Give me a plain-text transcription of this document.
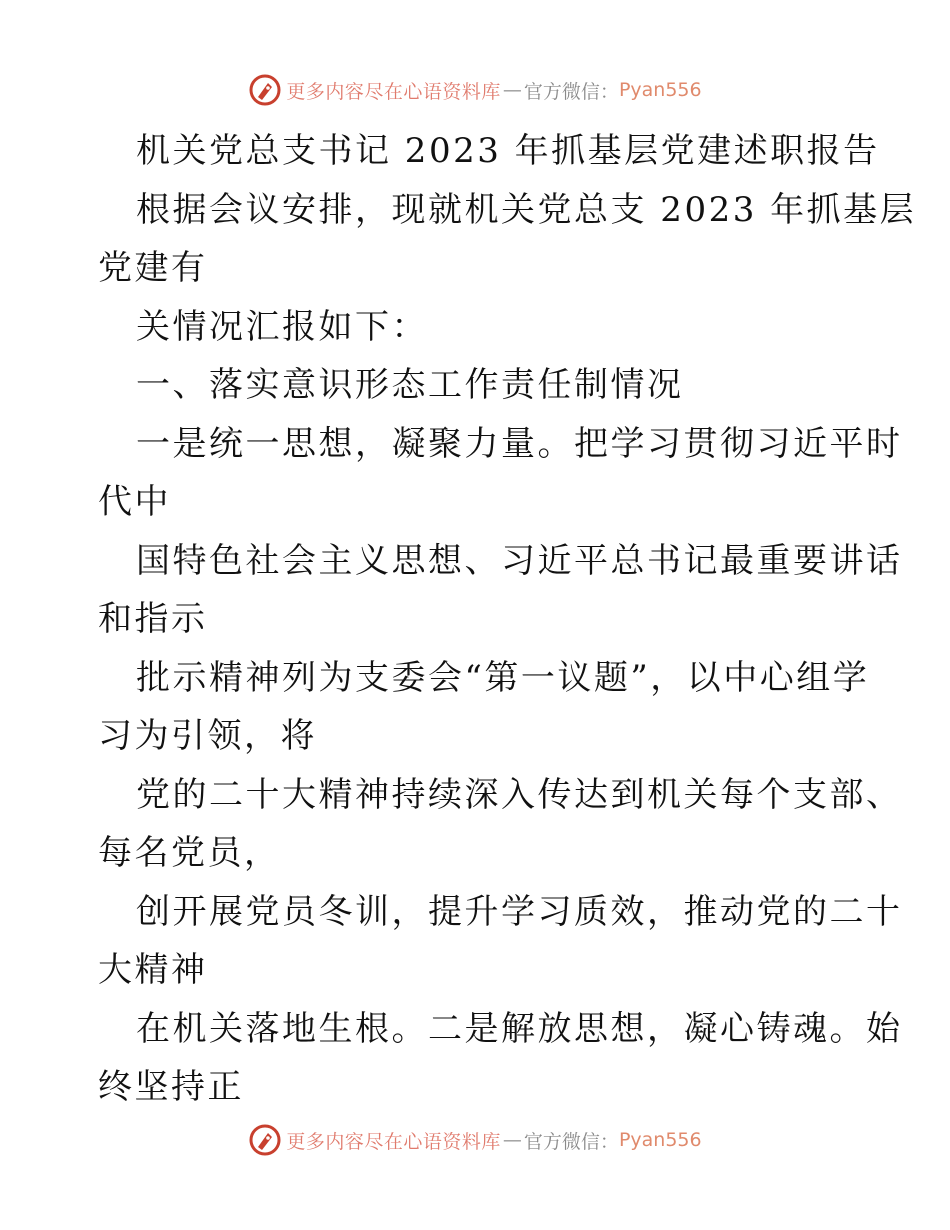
更多内容尽在心语资料库 — 官方微信： Pyan556
机关党总支书记 2023 年抓基层党建述职报告
根据会议安排，现就机关党总支 2023 年抓基层
党建有
关情况汇报如下：
一、落实意识形态工作责任制情况
一是统一思想，凝聚力量。把学习贯彻习近平时
代中
国特色社会主义思想、习近平总书记最重要讲话
和指示
批示精神列为支委会“第一议题”，以中心组学
习为引领，将
党的二十大精神持续深入传达到机关每个支部、
每名党员，
创开展党员冬训，提升学习质效，推动党的二十
大精神
在机关落地生根。二是解放思想，凝心铸魂。始
终坚持正
更多内容尽在心语资料库 — 官方微信： Pyan556
